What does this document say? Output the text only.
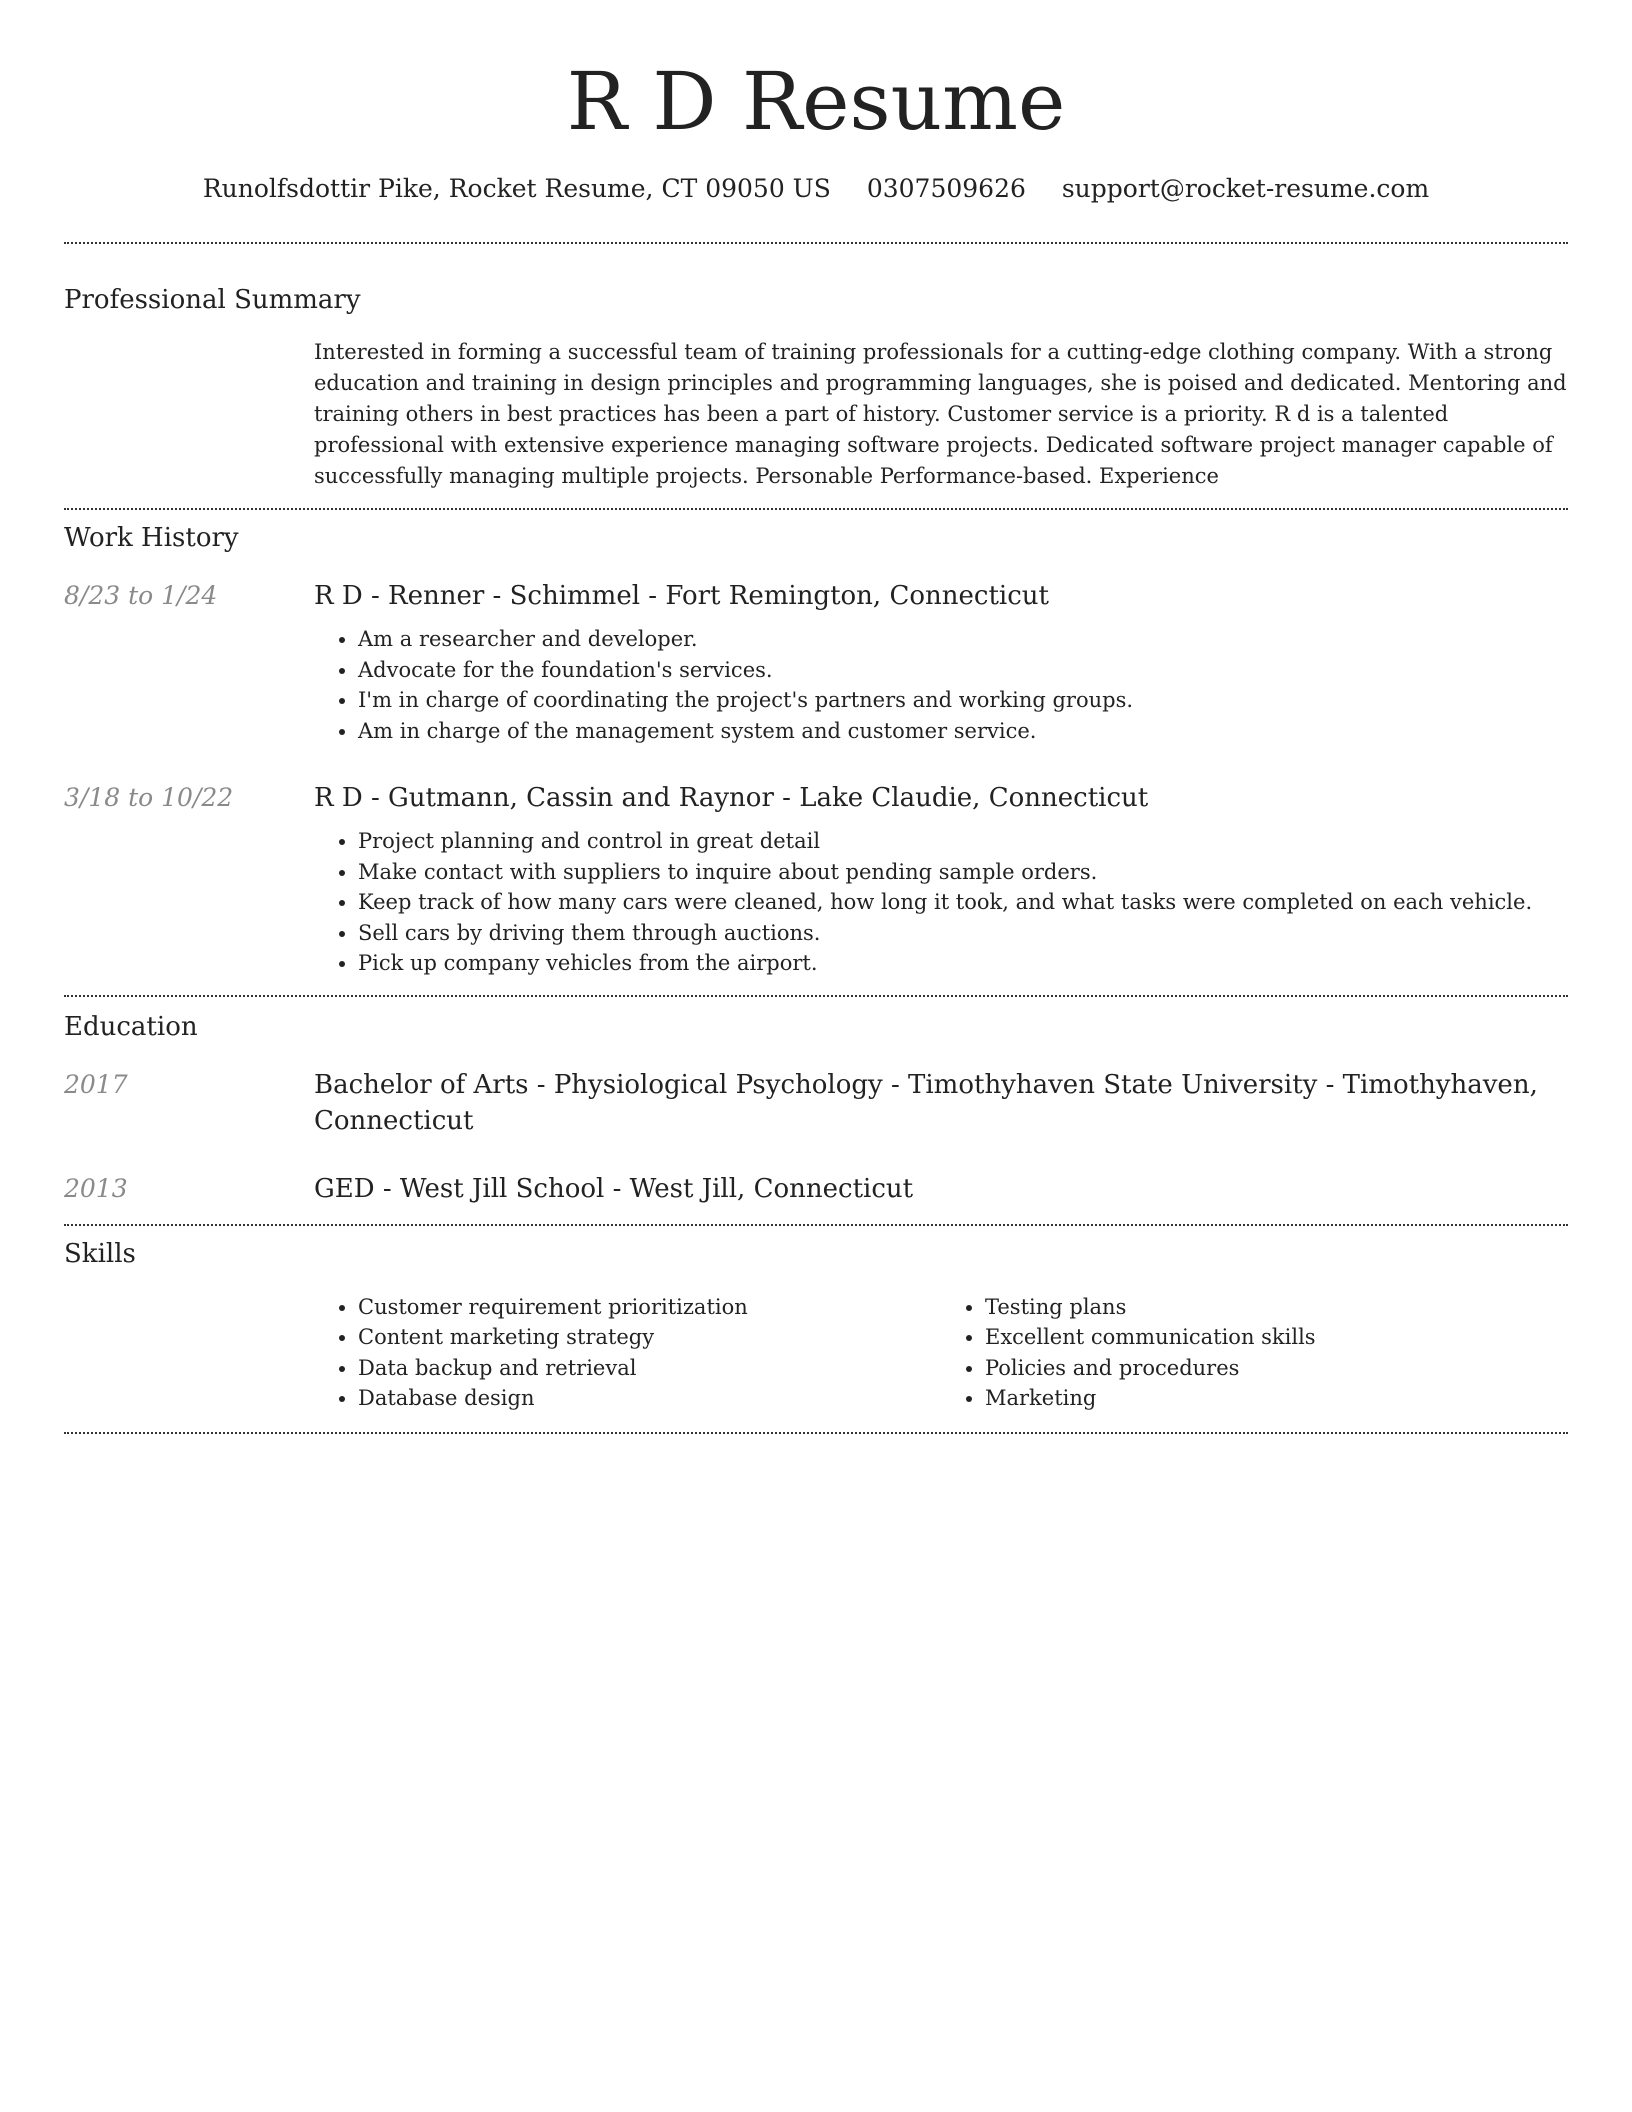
R D Resume
Runolfsdottir Pike, Rocket Resume, CT 09050 US 0307509626 support@rocket-resume.com
Professional Summary

Interested in forming a successful team of training professionals for a cutting-edge clothing company. With a strong education and training in design principles and programming languages, she is poised and dedicated. Mentoring and training others in best practices has been a part of history. Customer service is a priority. R d is a talented professional with extensive experience managing software projects. Dedicated software project manager capable of successfully managing multiple projects. Personable Performance-based. Experience

Work History
8/23 to 1/24	R D - Renner - Schimmel - Fort Remington, Connecticut
• Am a researcher and developer.
• Advocate for the foundation's services.
• I'm in charge of coordinating the project's partners and working groups.
• Am in charge of the management system and customer service.
3/18 to 10/22	R D - Gutmann, Cassin and Raynor - Lake Claudie, Connecticut
• Project planning and control in great detail
• Make contact with suppliers to inquire about pending sample orders.
• Keep track of how many cars were cleaned, how long it took, and what tasks were completed on each vehicle.
• Sell cars by driving them through auctions.
• Pick up company vehicles from the airport.
Education
2017	Bachelor of Arts - Physiological Psychology - Timothyhaven State University - Timothyhaven, Connecticut
2013	GED - West Jill School - West Jill, Connecticut
Skills
• Customer requirement prioritization
• Content marketing strategy
• Data backup and retrieval
• Database design
• Testing plans
• Excellent communication skills
• Policies and procedures
• Marketing
